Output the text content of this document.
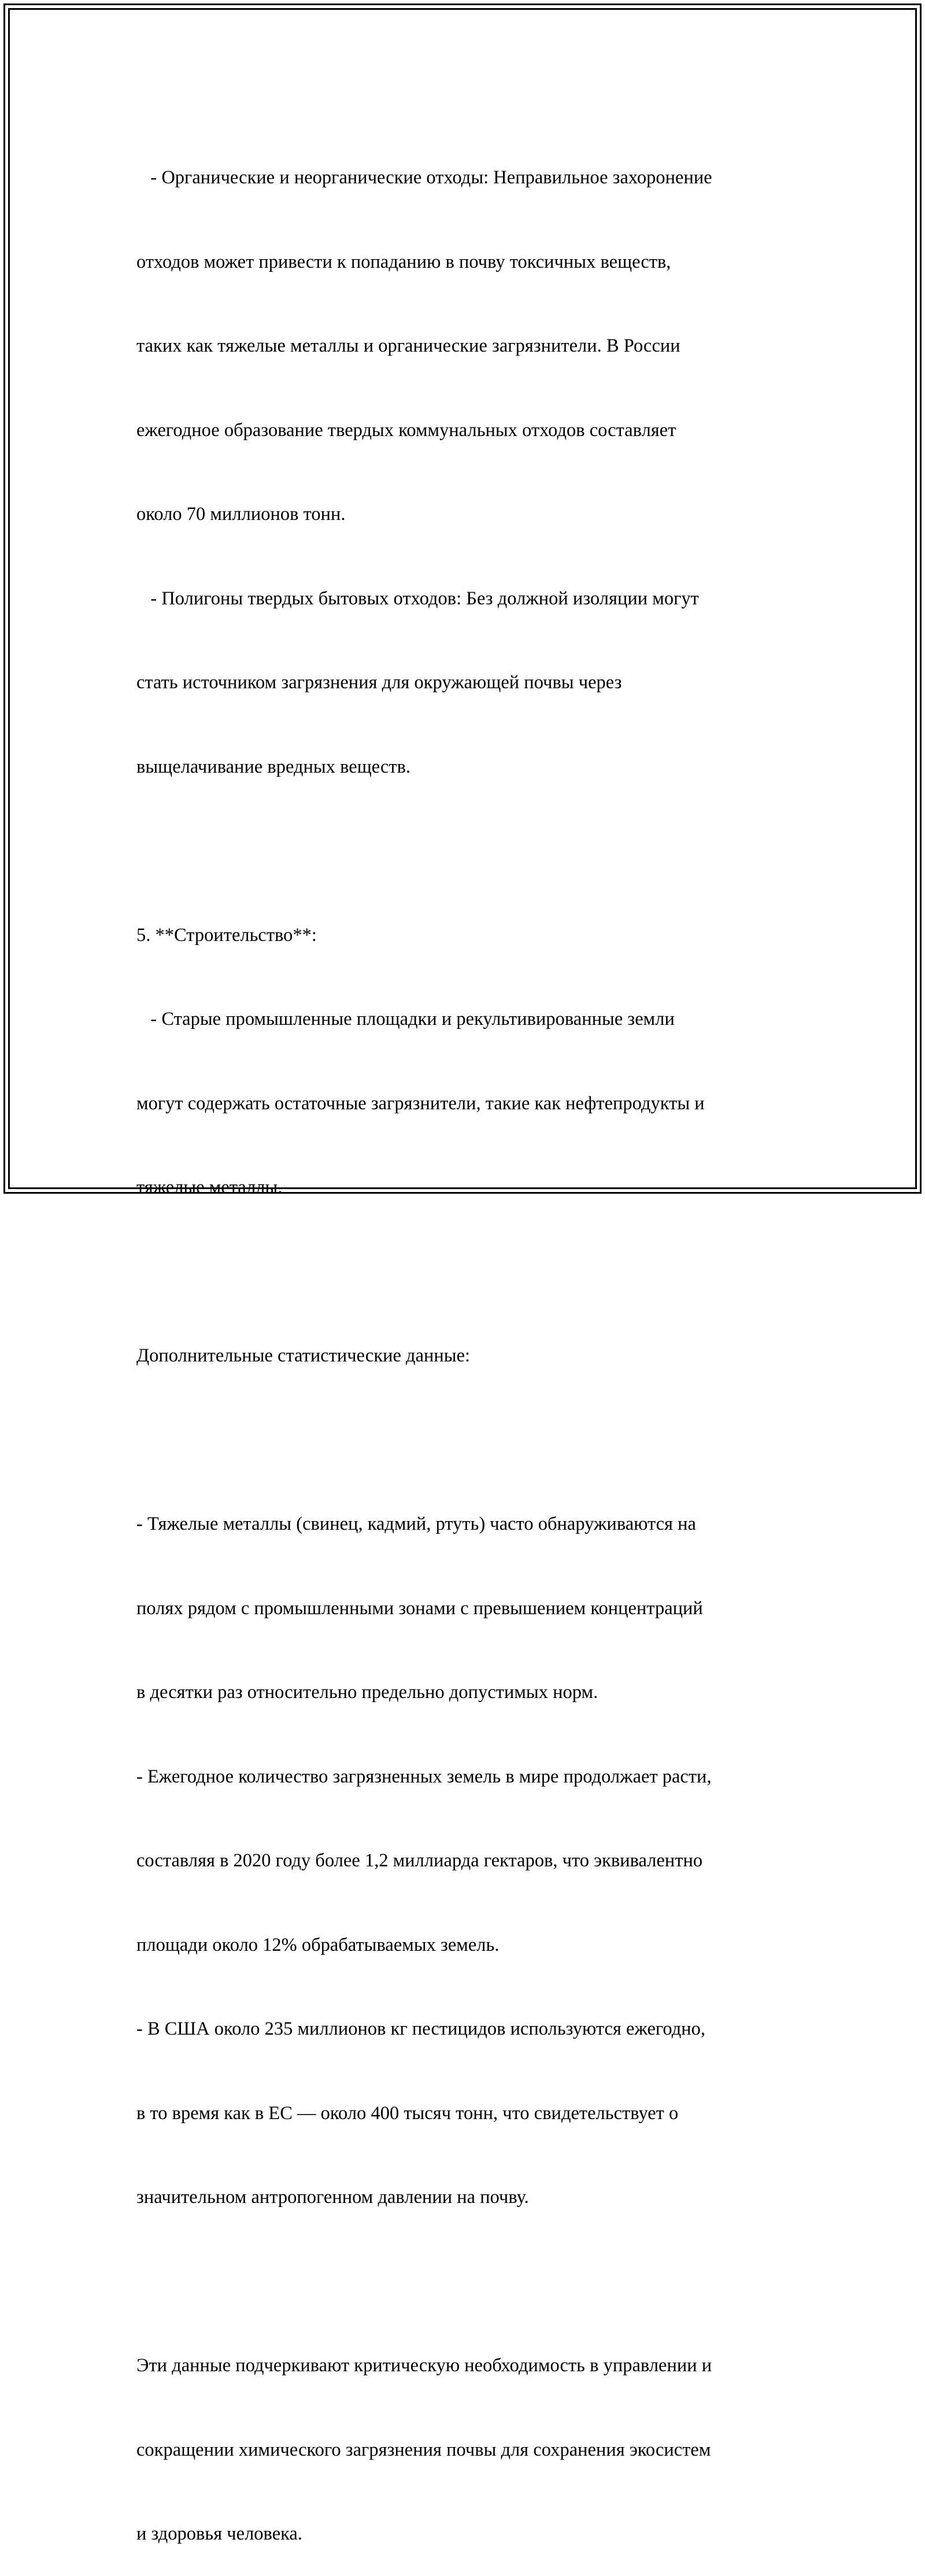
- Органические и неорганические отходы: Неправильное захоронение

отходов может привести к попаданию в почву токсичных веществ,

таких как тяжелые металлы и органические загрязнители. В России

ежегодное образование твердых коммунальных отходов составляет

около 70 миллионов тонн.

- Полигоны твердых бытовых отходов: Без должной изоляции могут

стать источником загрязнения для окружающей почвы через

выщелачивание вредных веществ.

5. **Строительство**:

- Старые промышленные площадки и рекультивированные земли

могут содержать остаточные загрязнители, такие как нефтепродукты и

тяжелые металлы.

Дополнительные статистические данные:

- Тяжелые металлы (свинец, кадмий, ртуть) часто обнаруживаются на

полях рядом с промышленными зонами с превышением концентраций

в десятки раз относительно предельно допустимых норм.

- Ежегодное количество загрязненных земель в мире продолжает расти,

составляя в 2020 году более 1,2 миллиарда гектаров, что эквивалентно

площади около 12% обрабатываемых земель.

- В США около 235 миллионов кг пестицидов используются ежегодно,

в то время как в ЕС — около 400 тысяч тонн, что свидетельствует о

значительном антропогенном давлении на почву.

Эти данные подчеркивают критическую необходимость в управлении и

сокращении химического загрязнения почвы для сохранения экосистем

и здоровья человека.
